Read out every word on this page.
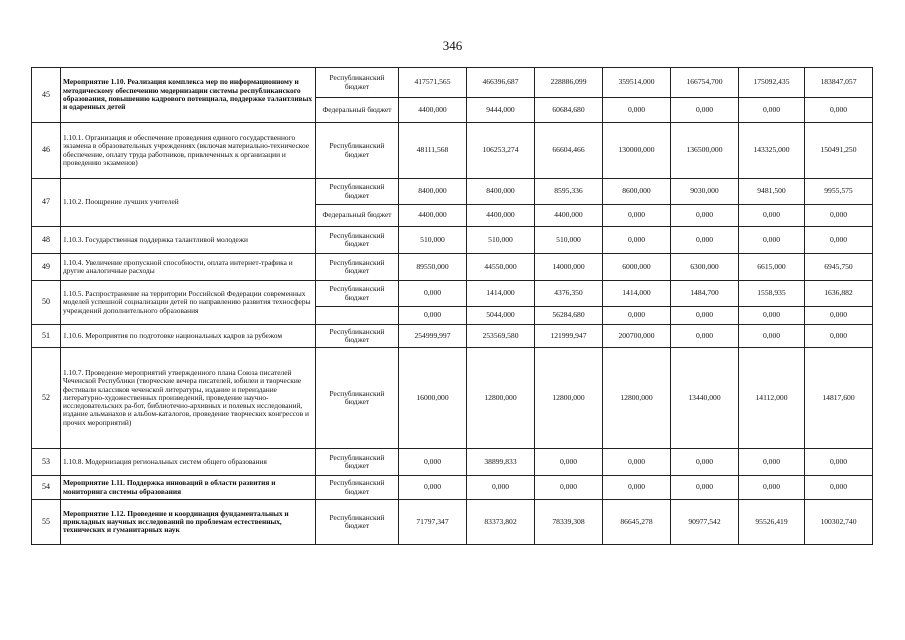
346
45	Мероприятие 1.10. Реализация комплекса мер по информационному и методическому обеспечению модернизации системы республиканского образования, повышению кадрового потенциала, поддержке талантливых и одаренных детей	Республиканский бюджет	417571,565	466396,687	228886,099	359514,000	166754,700	175092,435	183847,057
		Федеральный бюджет	4400,000	9444,000	60684,680	0,000	0,000	0,000	0,000
46	1.10.1. Организация и обеспечение проведения единого государственного экзамена в образовательных учреждениях (включая материально-техническое обеспечение, оплату труда работников, привлеченных к организации и проведению экзаменов)	Республиканский бюджет	48111,568	106253,274	66604,466	130000,000	136500,000	143325,000	150491,250
47	1.10.2. Поощрение лучших учителей	Республиканский бюджет	8400,000	8400,000	8595,336	8600,000	9030,000	9481,500	9955,575
		Федеральный бюджет	4400,000	4400,000	4400,000	0,000	0,000	0,000	0,000
48	1.10.3. Государственная поддержка талантливой молодежи	Республиканский бюджет	510,000	510,000	510,000	0,000	0,000	0,000	0,000
49	1.10.4. Увеличение пропускной способности, оплата интернет-трафика и другие аналогичные расходы	Республиканский бюджет	89550,000	44550,000	14000,000	6000,000	6300,000	6615,000	6945,750
50	1.10.5. Распространение на территории Российской Федерации современных моделей успешной социализации детей по направлению развития техносферы учреждений дополнительного образования	Республиканский бюджет	0,000	1414,000	4376,350	1414,000	1484,700	1558,935	1636,882
			0,000	5044,000	56284,680	0,000	0,000	0,000	0,000
51	1.10.6. Мероприятия по подготовке национальных кадров за рубежом	Республиканский бюджет	254999,997	253569,580	121999,947	200700,000	0,000	0,000	0,000
52	1.10.7. Проведение мероприятий утвержденного плана Союза писателей Чеченской Республики (творческие вечера писателей, юбилеи и творческие фестивали классиков чеченской литературы, издание и переиздание литературно-художественных произведений, проведение научно-исследовательских ра-бот, библиотечно-архивных и полевых исследований, издание альманахов и альбом-каталогов, проведение творческих конгрессов и прочих мероприятий)	Республиканский бюджет	16000,000	12800,000	12800,000	12800,000	13440,000	14112,000	14817,600
53	1.10.8. Модернизация региональных систем общего образования	Республиканский бюджет	0,000	38899,833	0,000	0,000	0,000	0,000	0,000
54	Мероприятие 1.11. Поддержка инноваций в области развития и мониторинга системы образования	Республиканский бюджет	0,000	0,000	0,000	0,000	0,000	0,000	0,000
55	Мероприятие 1.12. Проведение и координация фундаментальных и прикладных научных исследований по проблемам естественных, технических и гуманитарных наук	Республиканский бюджет	71797,347	83373,802	78339,308	86645,278	90977,542	95526,419	100302,740
